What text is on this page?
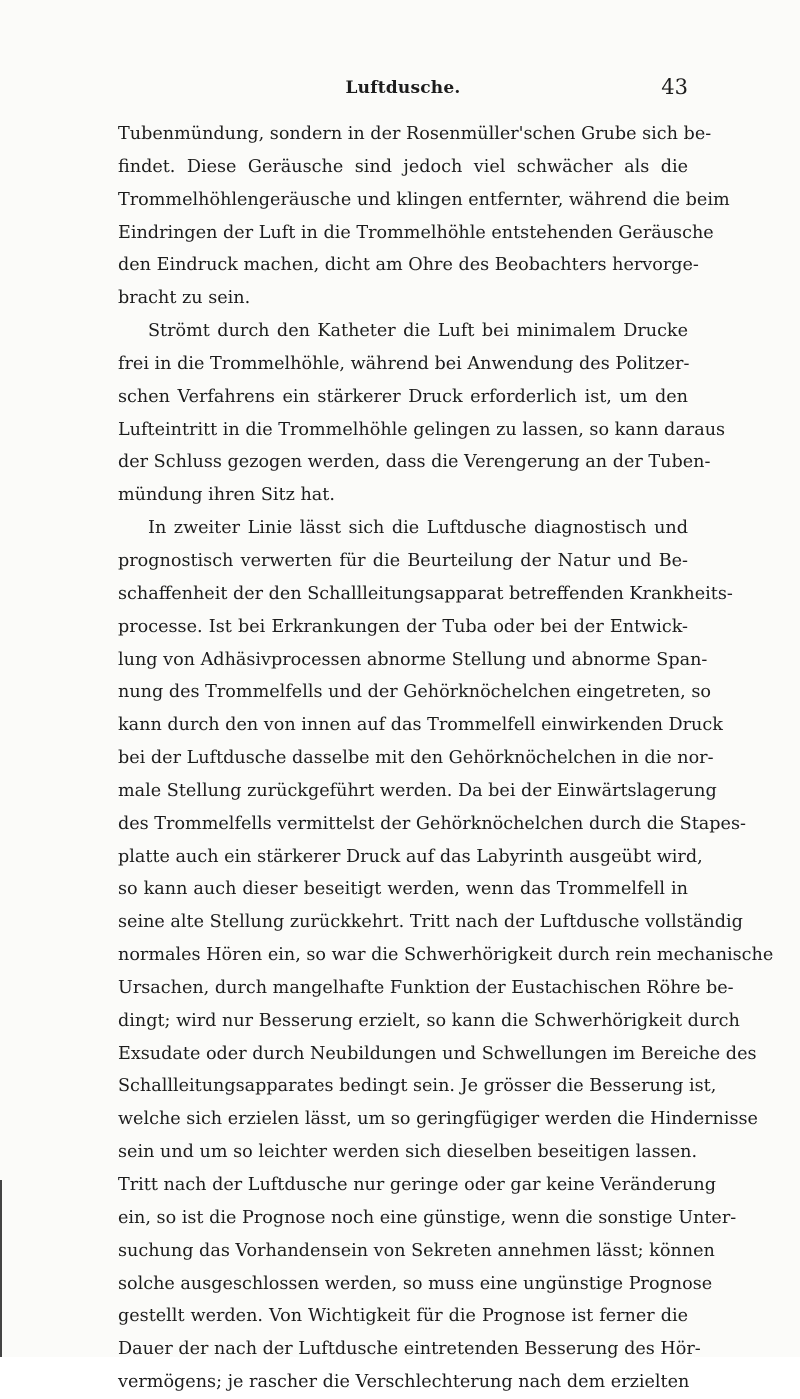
Luftdusche.	43

Tubenmündung, sondern in der Rosenmüller'schen Grube sich be-
findet. Diese Geräusche sind jedoch viel schwächer als die
Trommelhöhlengeräusche und klingen entfernter, während die beim
Eindringen der Luft in die Trommelhöhle entstehenden Geräusche
den Eindruck machen, dicht am Ohre des Beobachters hervorge-
bracht zu sein.

Strömt durch den Katheter die Luft bei minimalem Drucke
frei in die Trommelhöhle, während bei Anwendung des Politzer-
schen Verfahrens ein stärkerer Druck erforderlich ist, um den
Lufteintritt in die Trommelhöhle gelingen zu lassen, so kann daraus
der Schluss gezogen werden, dass die Verengerung an der Tuben-
mündung ihren Sitz hat.

In zweiter Linie lässt sich die Luftdusche diagnostisch und
prognostisch verwerten für die Beurteilung der Natur und Be-
schaffenheit der den Schallleitungsapparat betreffenden Krankheits-
processe. Ist bei Erkrankungen der Tuba oder bei der Entwick-
lung von Adhäsivprocessen abnorme Stellung und abnorme Span-
nung des Trommelfells und der Gehörknöchelchen eingetreten, so
kann durch den von innen auf das Trommelfell einwirkenden Druck
bei der Luftdusche dasselbe mit den Gehörknöchelchen in die nor-
male Stellung zurückgeführt werden. Da bei der Einwärtslagerung
des Trommelfells vermittelst der Gehörknöchelchen durch die Stapes-
platte auch ein stärkerer Druck auf das Labyrinth ausgeübt wird,
so kann auch dieser beseitigt werden, wenn das Trommelfell in
seine alte Stellung zurückkehrt. Tritt nach der Luftdusche vollständig
normales Hören ein, so war die Schwerhörigkeit durch rein mechanische
Ursachen, durch mangelhafte Funktion der Eustachischen Röhre be-
dingt; wird nur Besserung erzielt, so kann die Schwerhörigkeit durch
Exsudate oder durch Neubildungen und Schwellungen im Bereiche des
Schallleitungsapparates bedingt sein. Je grösser die Besserung ist,
welche sich erzielen lässt, um so geringfügiger werden die Hindernisse
sein und um so leichter werden sich dieselben beseitigen lassen.
Tritt nach der Luftdusche nur geringe oder gar keine Veränderung
ein, so ist die Prognose noch eine günstige, wenn die sonstige Unter-
suchung das Vorhandensein von Sekreten annehmen lässt; können
solche ausgeschlossen werden, so muss eine ungünstige Prognose
gestellt werden. Von Wichtigkeit für die Prognose ist ferner die
Dauer der nach der Luftdusche eintretenden Besserung des Hör-
vermögens; je rascher die Verschlechterung nach dem erzielten
